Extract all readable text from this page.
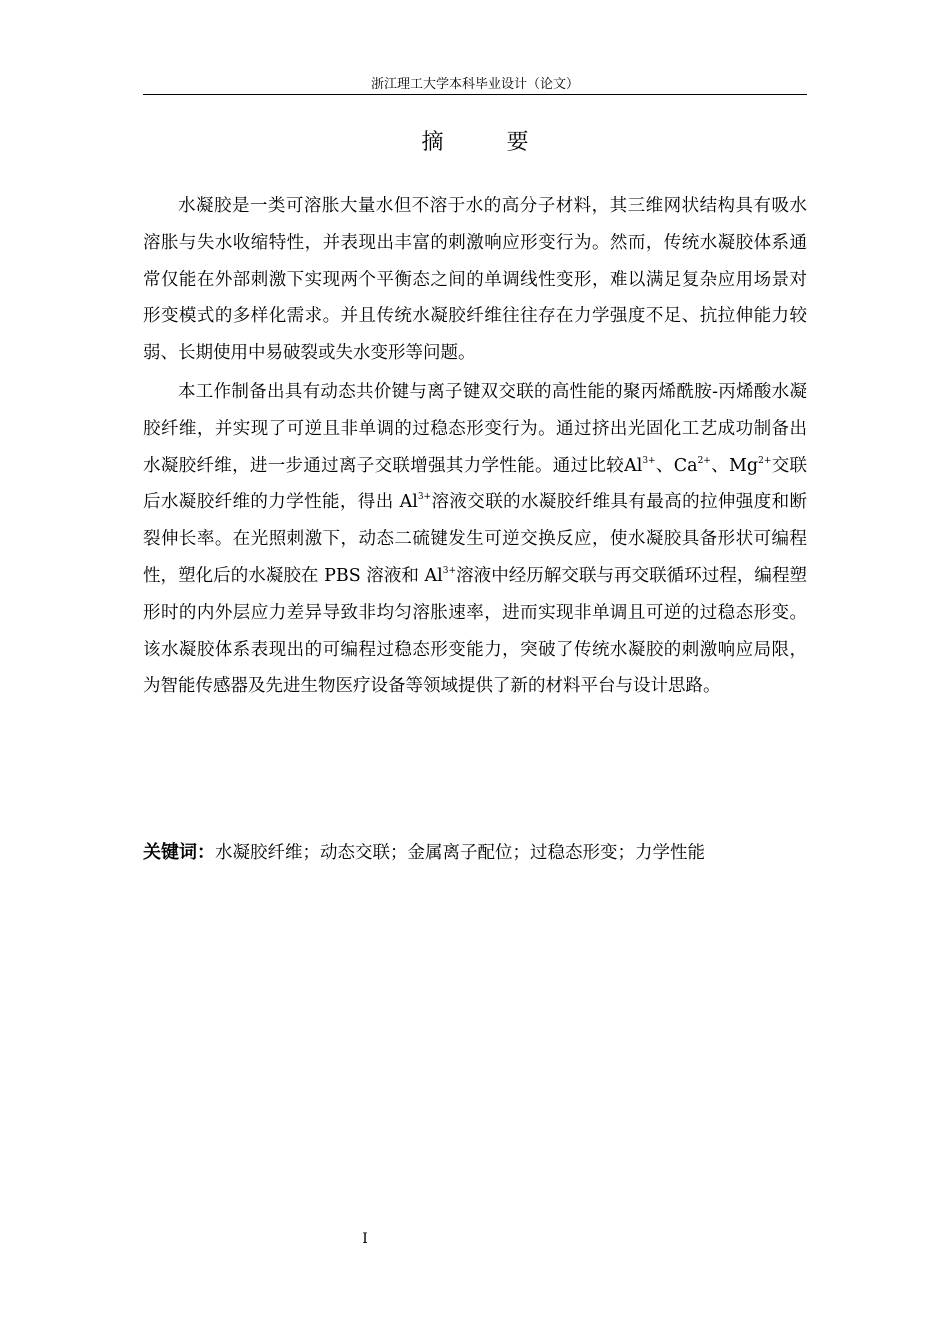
浙江理工大学本科毕业设计（论文）
摘 要

水凝胶是一类可溶胀大量水但不溶于水的高分子材料，其三维网状结构具有吸水溶胀与失水收缩特性，并表现出丰富的刺激响应形变行为。然而，传统水凝胶体系通常仅能在外部刺激下实现两个平衡态之间的单调线性变形，难以满足复杂应用场景对形变模式的多样化需求。并且传统水凝胶纤维往往存在力学强度不足、抗拉伸能力较弱、长期使用中易破裂或失水变形等问题。

本工作制备出具有动态共价键与离子键双交联的高性能的聚丙烯酰胺-丙烯酸水凝胶纤维，并实现了可逆且非单调的过稳态形变行为。通过挤出光固化工艺成功制备出水凝胶纤维，进一步通过离子交联增强其力学性能。通过比较$Al^{3+}$、$Ca^{2+}$、$Mg^{2+}$交联后水凝胶纤维的力学性能，得出 $Al^{3+}$溶液交联的水凝胶纤维具有最高的拉伸强度和断裂伸长率。在光照刺激下，动态二硫键发生可逆交换反应，使水凝胶具备形状可编程性，塑化后的水凝胶在 PBS 溶液和 $Al^{3+}$溶液中经历解交联与再交联循环过程，编程塑形时的内外层应力差异导致非均匀溶胀速率，进而实现非单调且可逆的过稳态形变。该水凝胶体系表现出的可编程过稳态形变能力，突破了传统水凝胶的刺激响应局限，为智能传感器及先进生物医疗设备等领域提供了新的材料平台与设计思路。

关键词：水凝胶纤维；动态交联；金属离子配位；过稳态形变；力学性能
I
